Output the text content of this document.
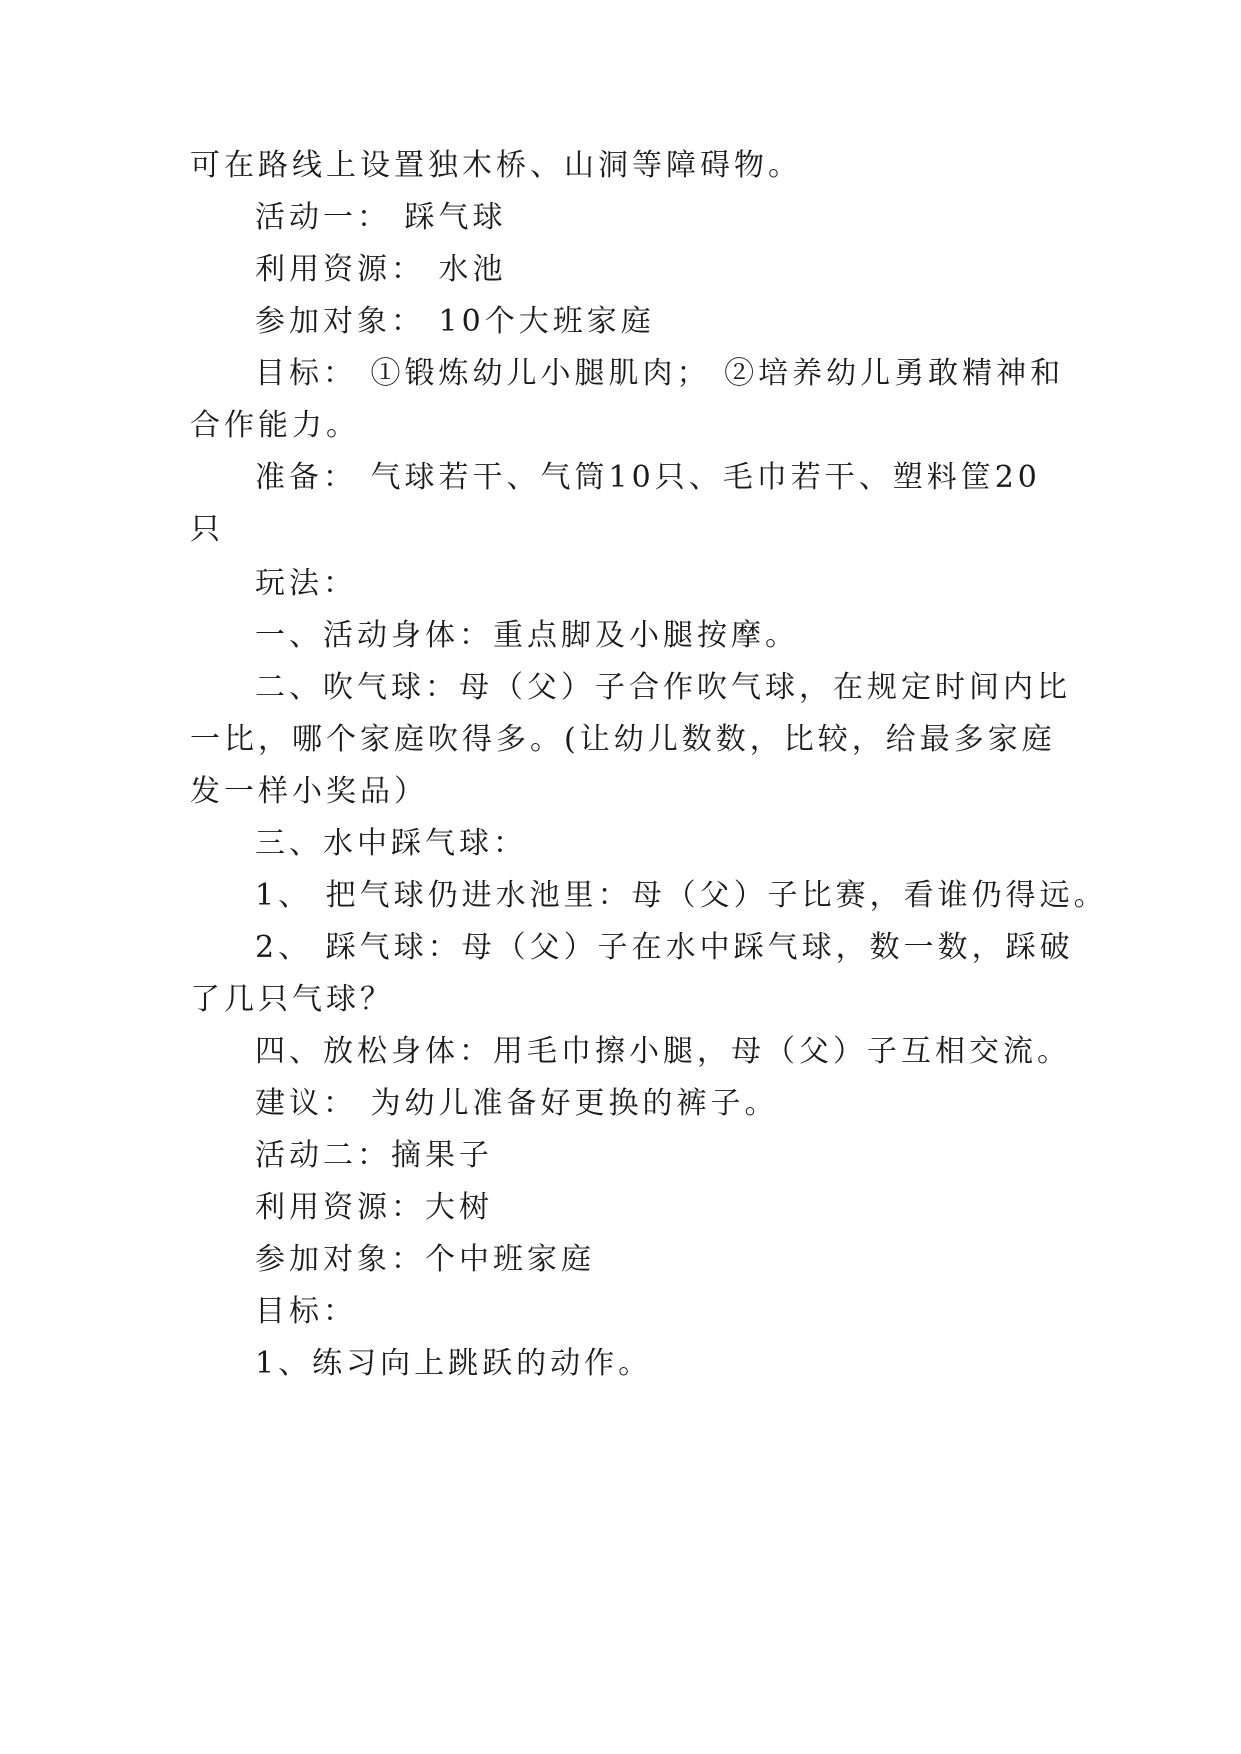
可在路线上设置独木桥、山洞等障碍物。
活动一： 踩气球
利用资源： 水池
参加对象： 10个大班家庭
目标： ①锻炼幼儿小腿肌肉； ②培养幼儿勇敢精神和
合作能力。
准备： 气球若干、气筒10只、毛巾若干、塑料筐20
只
玩法：
一、活动身体：重点脚及小腿按摩。
二、吹气球：母（父）子合作吹气球，在规定时间内比
一比，哪个家庭吹得多。(让幼儿数数，比较，给最多家庭
发一样小奖品）
三、水中踩气球：
1、 把气球仍进水池里：母（父）子比赛，看谁仍得远。
2、 踩气球：母（父）子在水中踩气球，数一数，踩破
了几只气球？
四、放松身体：用毛巾擦小腿，母（父）子互相交流。
建议： 为幼儿准备好更换的裤子。
活动二：摘果子
利用资源：大树
参加对象：个中班家庭
目标：
1、练习向上跳跃的动作。
